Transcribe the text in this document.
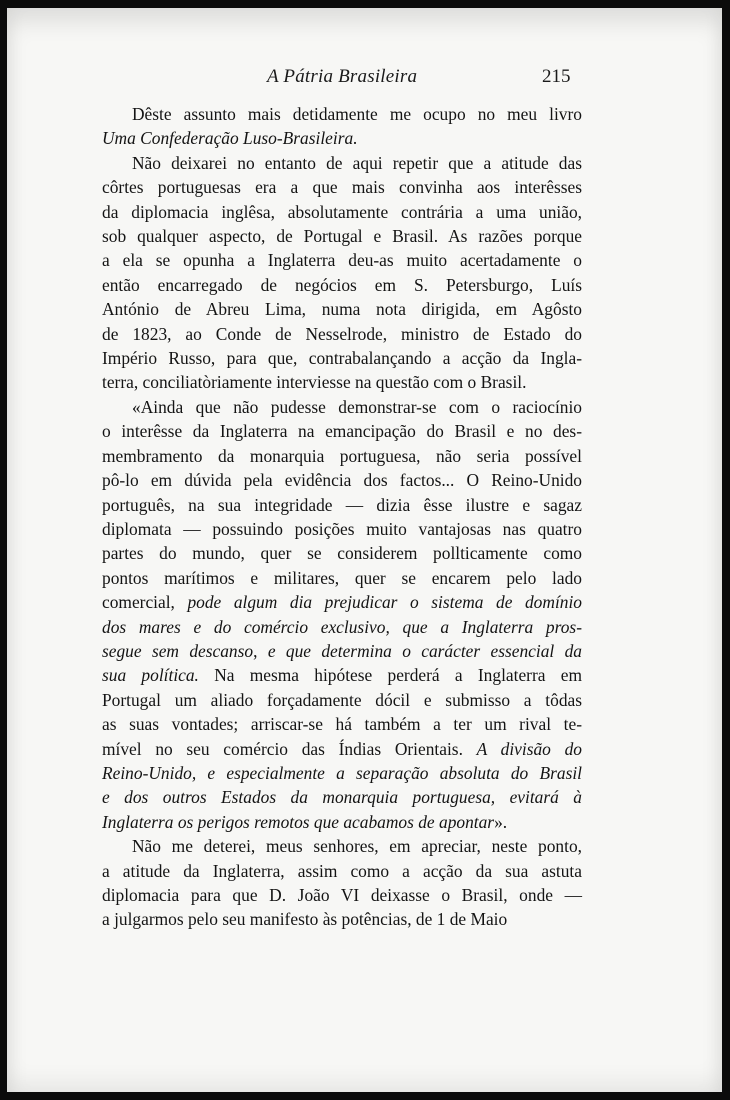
A Pátria Brasileira	215
Dêste assunto mais detidamente me ocupo no meu livro
Uma Confederação Luso-Brasileira.
Não deixarei no entanto de aqui repetir que a atitude das
côrtes portuguesas era a que mais convinha aos interêsses
da diplomacia inglêsa, absolutamente contrária a uma união,
sob qualquer aspecto, de Portugal e Brasil. As razões porque
a ela se opunha a Inglaterra deu-as muito acertadamente o
então encarregado de negócios em S. Petersburgo, Luís
António de Abreu Lima, numa nota dirigida, em Agôsto
de 1823, ao Conde de Nesselrode, ministro de Estado do
Império Russo, para que, contrabalançando a acção da Ingla-
terra, conciliatòriamente interviesse na questão com o Brasil.
«Ainda que não pudesse demonstrar-se com o raciocínio
o interêsse da Inglaterra na emancipação do Brasil e no des-
membramento da monarquia portuguesa, não seria possível
pô-lo em dúvida pela evidência dos factos... O Reino-Unido
português, na sua integridade — dizia êsse ilustre e sagaz
diplomata — possuindo posições muito vantajosas nas quatro
partes do mundo, quer se considerem pollticamente como
pontos marítimos e militares, quer se encarem pelo lado
comercial, pode algum dia prejudicar o sistema de domínio
dos mares e do comércio exclusivo, que a Inglaterra pros-
segue sem descanso, e que determina o carácter essencial da
sua política. Na mesma hipótese perderá a Inglaterra em
Portugal um aliado forçadamente dócil e submisso a tôdas
as suas vontades; arriscar-se há também a ter um rival te-
mível no seu comércio das Índias Orientais. A divisão do
Reino-Unido, e especialmente a separação absoluta do Brasil
e dos outros Estados da monarquia portuguesa, evitará à
Inglaterra os perigos remotos que acabamos de apontar».
Não me deterei, meus senhores, em apreciar, neste ponto,
a atitude da Inglaterra, assim como a acção da sua astuta
diplomacia para que D. João VI deixasse o Brasil, onde —
a julgarmos pelo seu manifesto às potências, de 1 de Maio
